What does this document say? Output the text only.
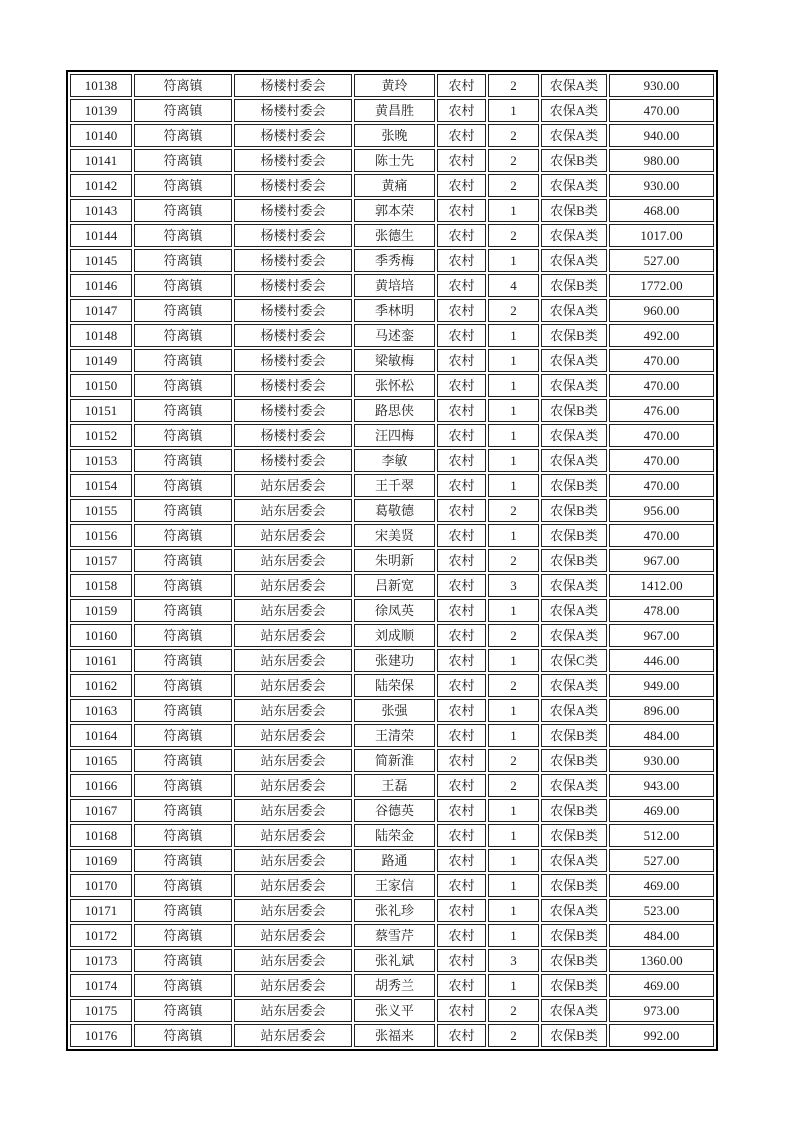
10138	符离镇	杨楼村委会	黄玲	农村	2	农保A类	930.00
10139	符离镇	杨楼村委会	黄昌胜	农村	1	农保A类	470.00
10140	符离镇	杨楼村委会	张晚	农村	2	农保A类	940.00
10141	符离镇	杨楼村委会	陈士先	农村	2	农保B类	980.00
10142	符离镇	杨楼村委会	黄痛	农村	2	农保A类	930.00
10143	符离镇	杨楼村委会	郭本荣	农村	1	农保B类	468.00
10144	符离镇	杨楼村委会	张德生	农村	2	农保A类	1017.00
10145	符离镇	杨楼村委会	季秀梅	农村	1	农保A类	527.00
10146	符离镇	杨楼村委会	黄培培	农村	4	农保B类	1772.00
10147	符离镇	杨楼村委会	季林明	农村	2	农保A类	960.00
10148	符离镇	杨楼村委会	马述銮	农村	1	农保B类	492.00
10149	符离镇	杨楼村委会	梁敏梅	农村	1	农保A类	470.00
10150	符离镇	杨楼村委会	张怀松	农村	1	农保A类	470.00
10151	符离镇	杨楼村委会	路思侠	农村	1	农保B类	476.00
10152	符离镇	杨楼村委会	汪四梅	农村	1	农保A类	470.00
10153	符离镇	杨楼村委会	李敏	农村	1	农保A类	470.00
10154	符离镇	站东居委会	王千翠	农村	1	农保B类	470.00
10155	符离镇	站东居委会	葛敬德	农村	2	农保B类	956.00
10156	符离镇	站东居委会	宋美贤	农村	1	农保B类	470.00
10157	符离镇	站东居委会	朱明新	农村	2	农保B类	967.00
10158	符离镇	站东居委会	吕新宽	农村	3	农保A类	1412.00
10159	符离镇	站东居委会	徐凤英	农村	1	农保A类	478.00
10160	符离镇	站东居委会	刘成顺	农村	2	农保A类	967.00
10161	符离镇	站东居委会	张建功	农村	1	农保C类	446.00
10162	符离镇	站东居委会	陆荣保	农村	2	农保A类	949.00
10163	符离镇	站东居委会	张强	农村	1	农保A类	896.00
10164	符离镇	站东居委会	王清荣	农村	1	农保B类	484.00
10165	符离镇	站东居委会	简新淮	农村	2	农保B类	930.00
10166	符离镇	站东居委会	王磊	农村	2	农保A类	943.00
10167	符离镇	站东居委会	谷德英	农村	1	农保B类	469.00
10168	符离镇	站东居委会	陆荣金	农村	1	农保B类	512.00
10169	符离镇	站东居委会	路通	农村	1	农保A类	527.00
10170	符离镇	站东居委会	王家信	农村	1	农保B类	469.00
10171	符离镇	站东居委会	张礼珍	农村	1	农保A类	523.00
10172	符离镇	站东居委会	蔡雪芹	农村	1	农保B类	484.00
10173	符离镇	站东居委会	张礼斌	农村	3	农保B类	1360.00
10174	符离镇	站东居委会	胡秀兰	农村	1	农保B类	469.00
10175	符离镇	站东居委会	张义平	农村	2	农保A类	973.00
10176	符离镇	站东居委会	张福来	农村	2	农保B类	992.00
